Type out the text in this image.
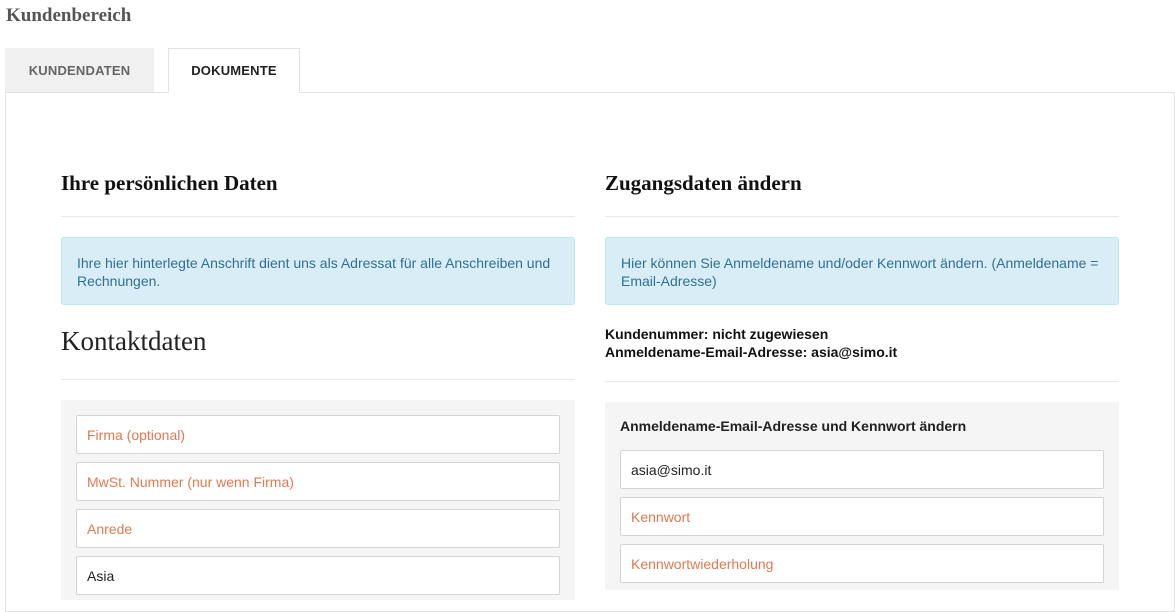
Kundenbereich
KUNDENDATEN	DOKUMENTE
Ihre persönlichen Daten
Ihre hier hinterlegte Anschrift dient uns als Adressat für alle Anschreiben und Rechnungen.
Kontaktdaten
Firma (optional)
MwSt. Nummer (nur wenn Firma)
Anrede
Asia
Zugangsdaten ändern
Hier können Sie Anmeldename und/oder Kennwort ändern. (Anmeldename = Email-Adresse)
Kundenummer: nicht zugewiesen
Anmeldename-Email-Adresse: asia@simo.it
Anmeldename-Email-Adresse und Kennwort ändern
asia@simo.it
Kennwort
Kennwortwiederholung
